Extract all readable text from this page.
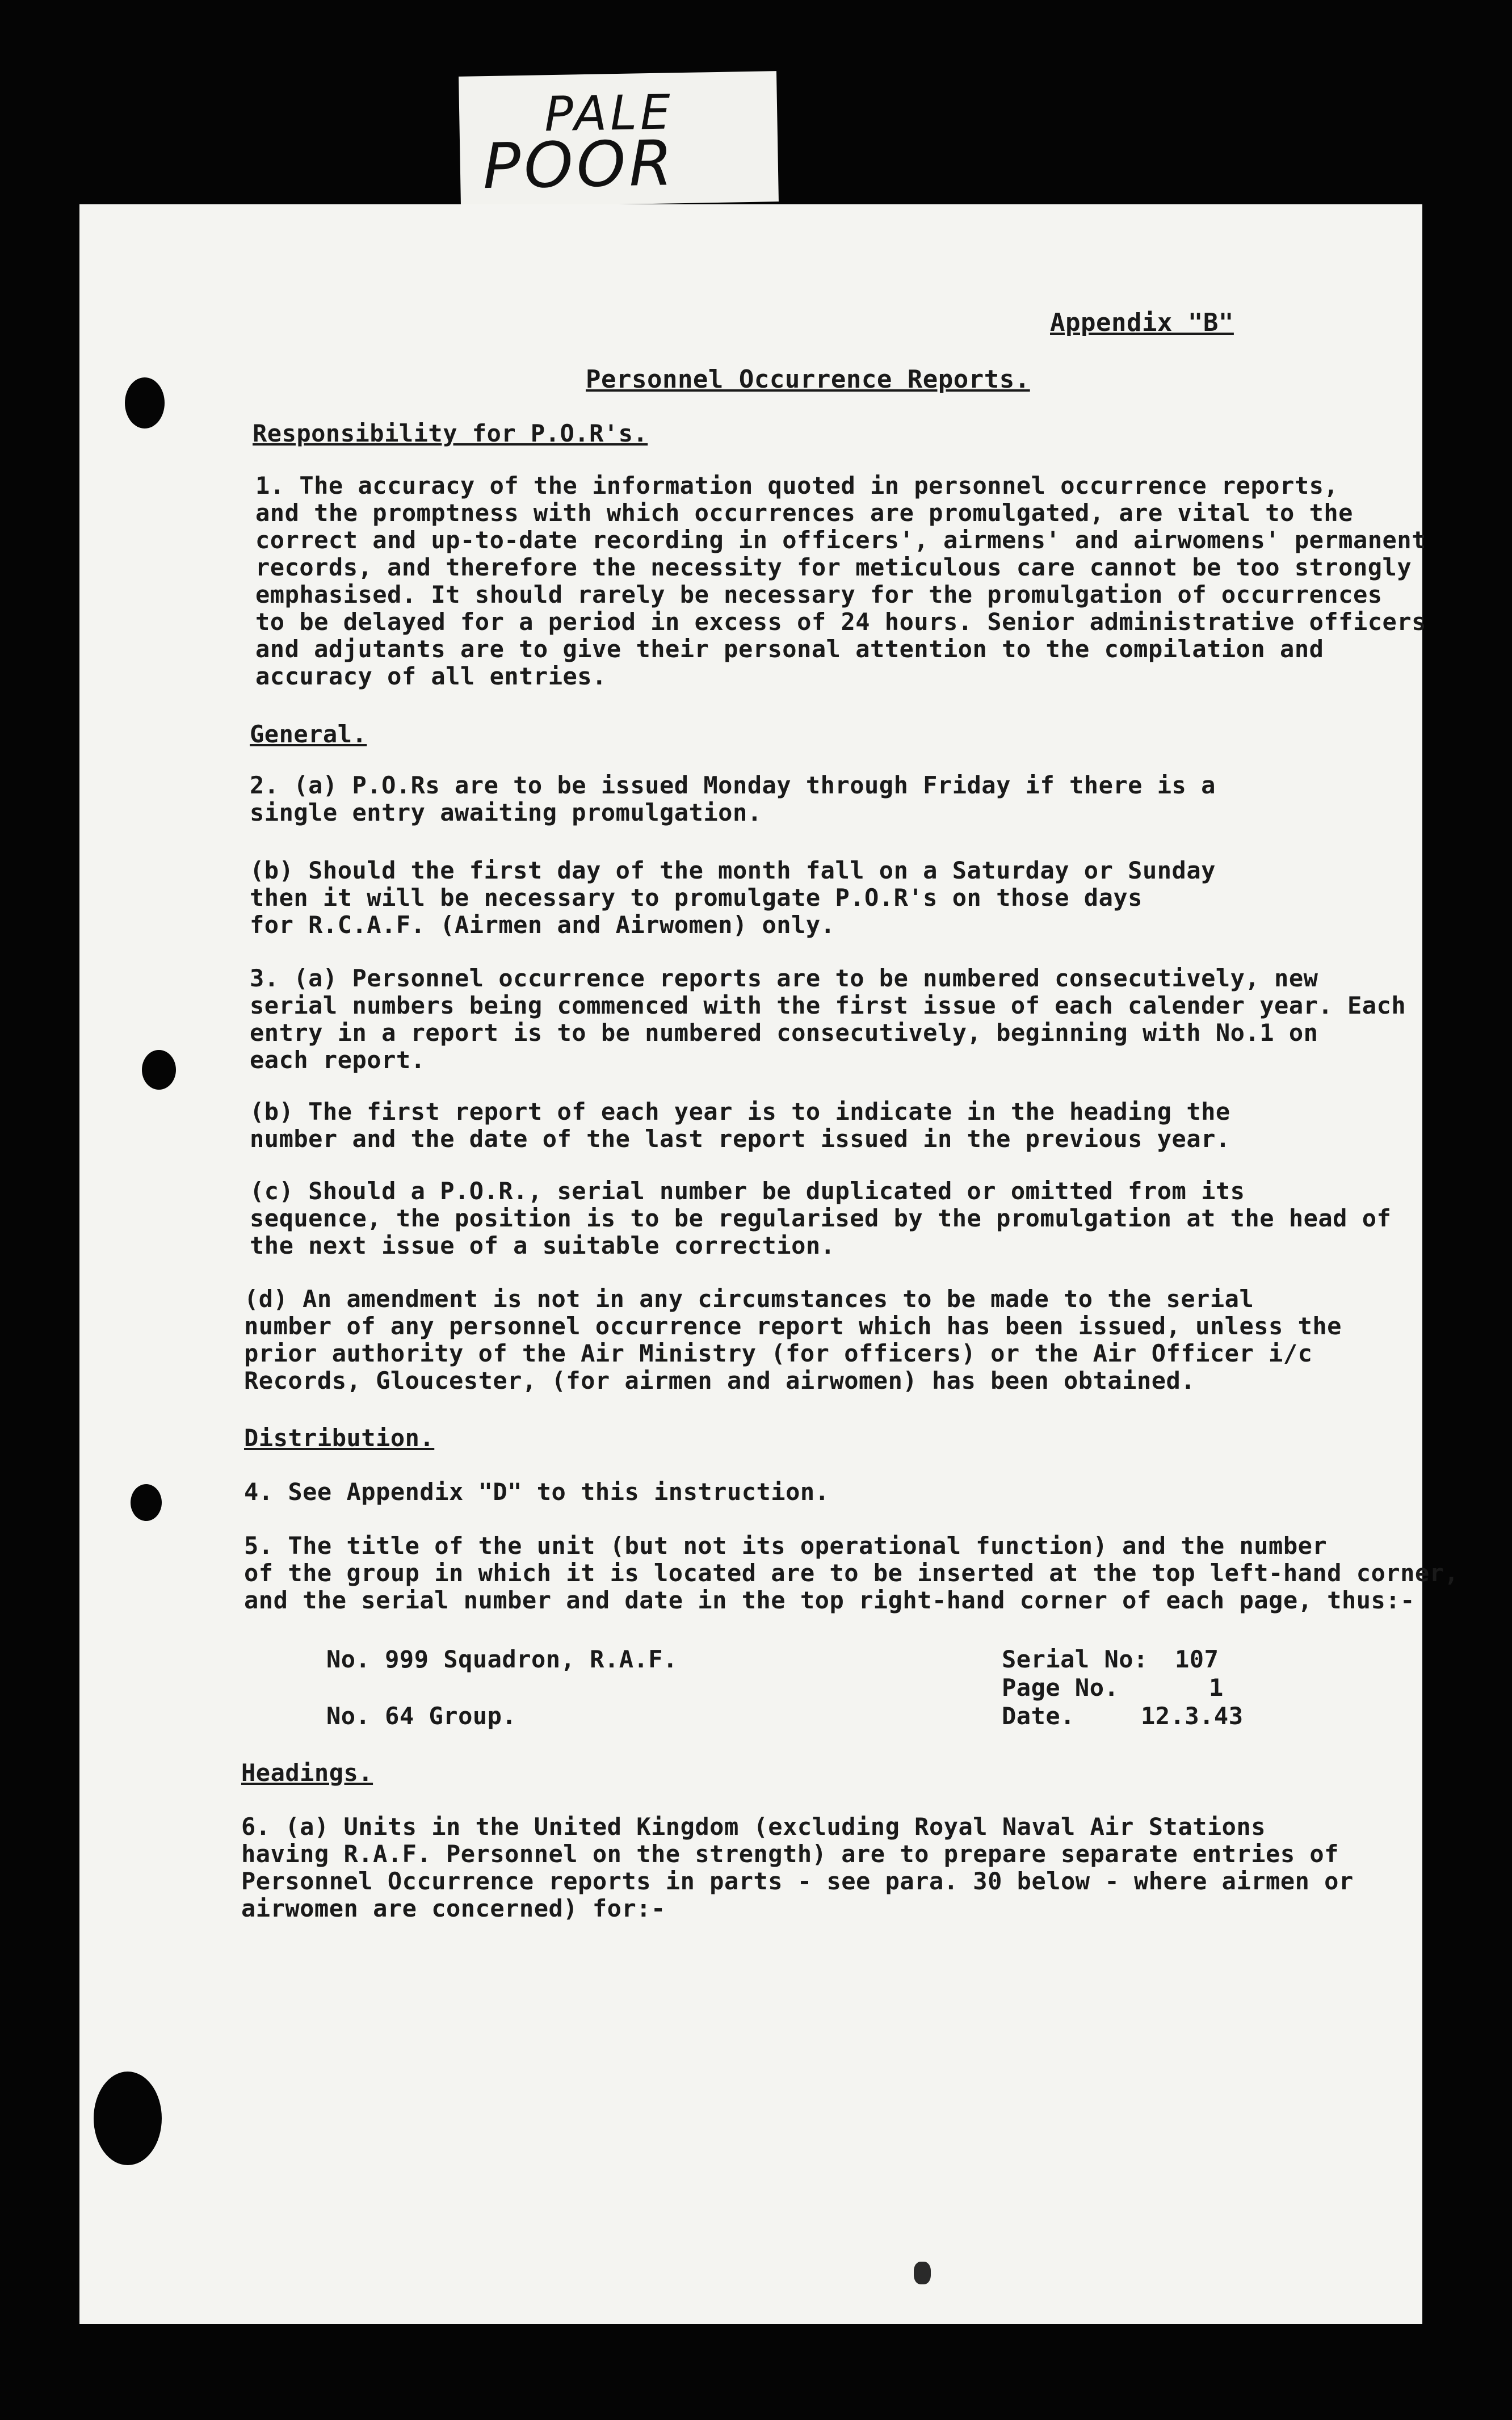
PALE
POOR
Appendix "B"
Personnel Occurrence Reports.
Responsibility for P.O.R's.

1. The accuracy of the information quoted in personnel occurrence reports,

and the promptness with which occurrences are promulgated, are vital to the

correct and up-to-date recording in officers', airmens' and airwomens' permanent

records, and therefore the necessity for meticulous care cannot be too strongly

emphasised. It should rarely be necessary for the promulgation of occurrences

to be delayed for a period in excess of 24 hours. Senior administrative officers

and adjutants are to give their personal attention to the compilation and

accuracy of all entries.

General.

2. (a) P.O.Rs are to be issued Monday through Friday if there is a

single entry awaiting promulgation.

(b) Should the first day of the month fall on a Saturday or Sunday

then it will be necessary to promulgate P.O.R's on those days

for R.C.A.F. (Airmen and Airwomen) only.

3. (a) Personnel occurrence reports are to be numbered consecutively, new

serial numbers being commenced with the first issue of each calender year. Each

entry in a report is to be numbered consecutively, beginning with No.1 on

each report.

(b) The first report of each year is to indicate in the heading the

number and the date of the last report issued in the previous year.

(c) Should a P.O.R., serial number be duplicated or omitted from its

sequence, the position is to be regularised by the promulgation at the head of

the next issue of a suitable correction.

(d) An amendment is not in any circumstances to be made to the serial

number of any personnel occurrence report which has been issued, unless the

prior authority of the Air Ministry (for officers) or the Air Officer i/c

Records, Gloucester, (for airmen and airwomen) has been obtained.

Distribution.
4. See Appendix "D" to this instruction.

5. The title of the unit (but not its operational function) and the number

of the group in which it is located are to be inserted at the top left-hand corner,

and the serial number and date in the top right-hand corner of each page, thus:-

No. 999 Squadron, R.A.F.
No. 64 Group.
Serial No: 107
Page No.	1
Date.	12.3.43
Headings.

6. (a) Units in the United Kingdom (excluding Royal Naval Air Stations

having R.A.F. Personnel on the strength) are to prepare separate entries of

Personnel Occurrence reports in parts - see para. 30 below - where airmen or

airwomen are concerned) for:-
